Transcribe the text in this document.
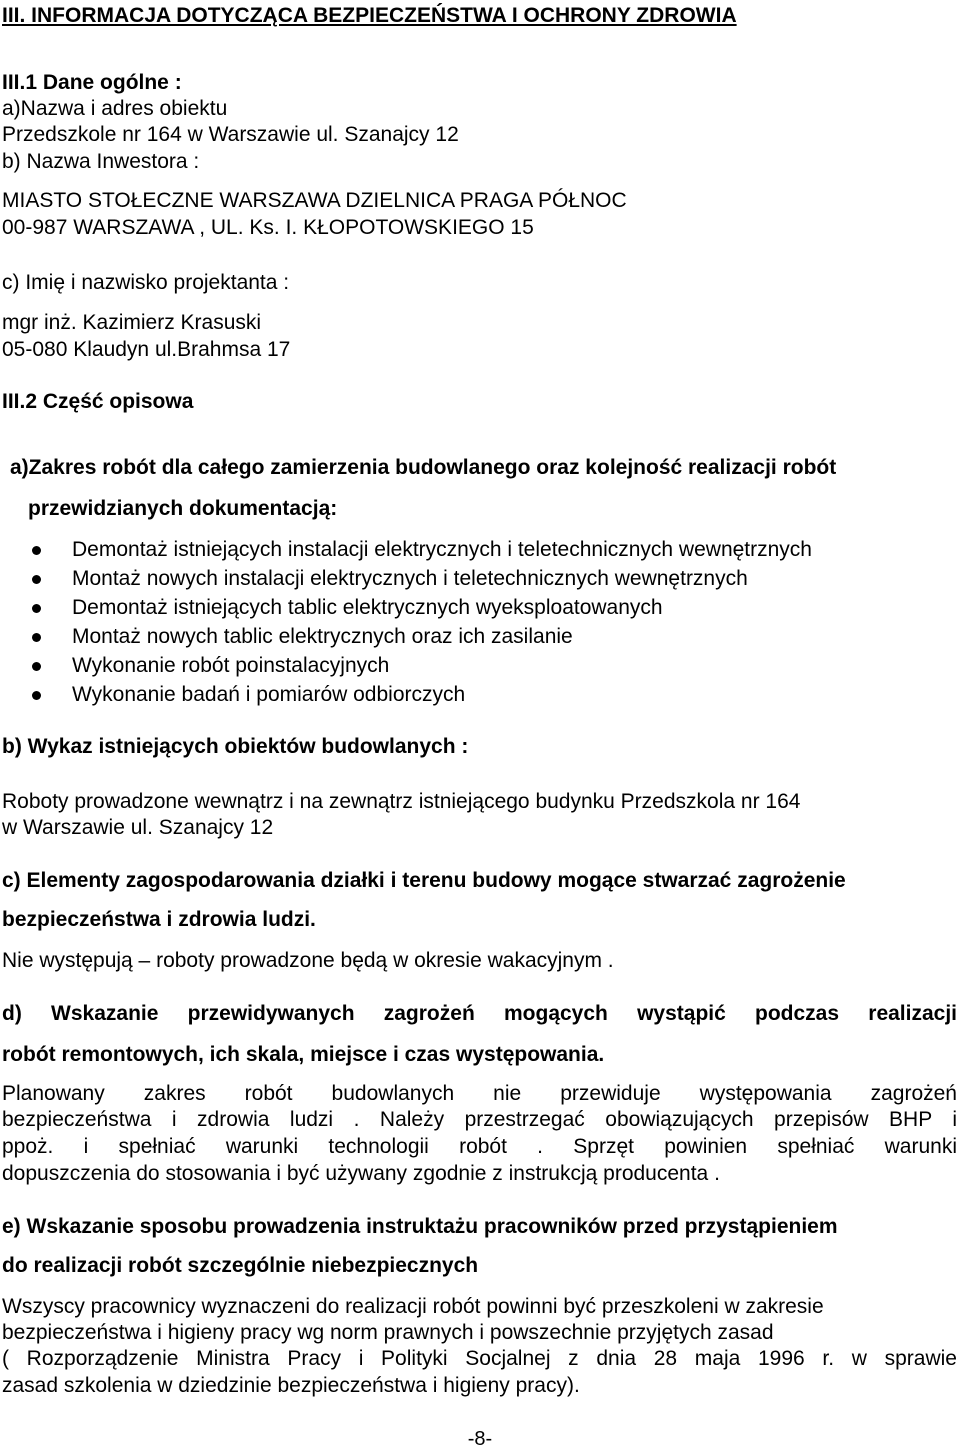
III. INFORMACJA DOTYCZĄCA BEZPIECZEŃSTWA I OCHRONY ZDROWIA
III.1 Dane ogólne :
a)Nazwa i adres obiektu
Przedszkole nr 164 w Warszawie ul. Szanajcy 12
b) Nazwa Inwestora :
MIASTO STOŁECZNE WARSZAWA DZIELNICA PRAGA PÓŁNOC
00-987 WARSZAWA , UL. Ks. I. KŁOPOTOWSKIEGO 15
c) Imię i nazwisko projektanta :
mgr inż. Kazimierz Krasuski
05-080 Klaudyn ul.Brahmsa 17
III.2 Część opisowa
a)Zakres robót dla całego zamierzenia budowlanego oraz kolejność realizacji robót
przewidzianych dokumentacją:
Demontaż istniejących instalacji elektrycznych i teletechnicznych wewnętrznych
Montaż nowych instalacji elektrycznych i teletechnicznych wewnętrznych
Demontaż istniejących tablic elektrycznych wyeksploatowanych
Montaż nowych tablic elektrycznych oraz ich zasilanie
Wykonanie robót poinstalacyjnych
Wykonanie badań i pomiarów odbiorczych
b) Wykaz istniejących obiektów budowlanych :
Roboty prowadzone wewnątrz i na zewnątrz istniejącego budynku Przedszkola nr 164
w Warszawie ul. Szanajcy 12
c) Elementy zagospodarowania działki i terenu budowy mogące stwarzać zagrożenie
bezpieczeństwa i zdrowia ludzi.
Nie występują – roboty prowadzone będą w okresie wakacyjnym .
d) Wskazanie przewidywanych zagrożeń mogących wystąpić podczas realizacji
robót remontowych, ich skala, miejsce i czas występowania.
Planowany zakres robót budowlanych nie przewiduje występowania zagrożeń
bezpieczeństwa i zdrowia ludzi . Należy przestrzegać obowiązujących przepisów BHP i
ppoż. i spełniać warunki technologii robót . Sprzęt powinien spełniać warunki
dopuszczenia do stosowania i być używany zgodnie z instrukcją producenta .
e) Wskazanie sposobu prowadzenia instruktażu pracowników przed przystąpieniem
do realizacji robót szczególnie niebezpiecznych
Wszyscy pracownicy wyznaczeni do realizacji robót powinni być przeszkoleni w zakresie
bezpieczeństwa i higieny pracy wg norm prawnych i powszechnie przyjętych zasad
( Rozporządzenie Ministra Pracy i Polityki Socjalnej z dnia 28 maja 1996 r. w sprawie
zasad szkolenia w dziedzinie bezpieczeństwa i higieny pracy).
-8-
